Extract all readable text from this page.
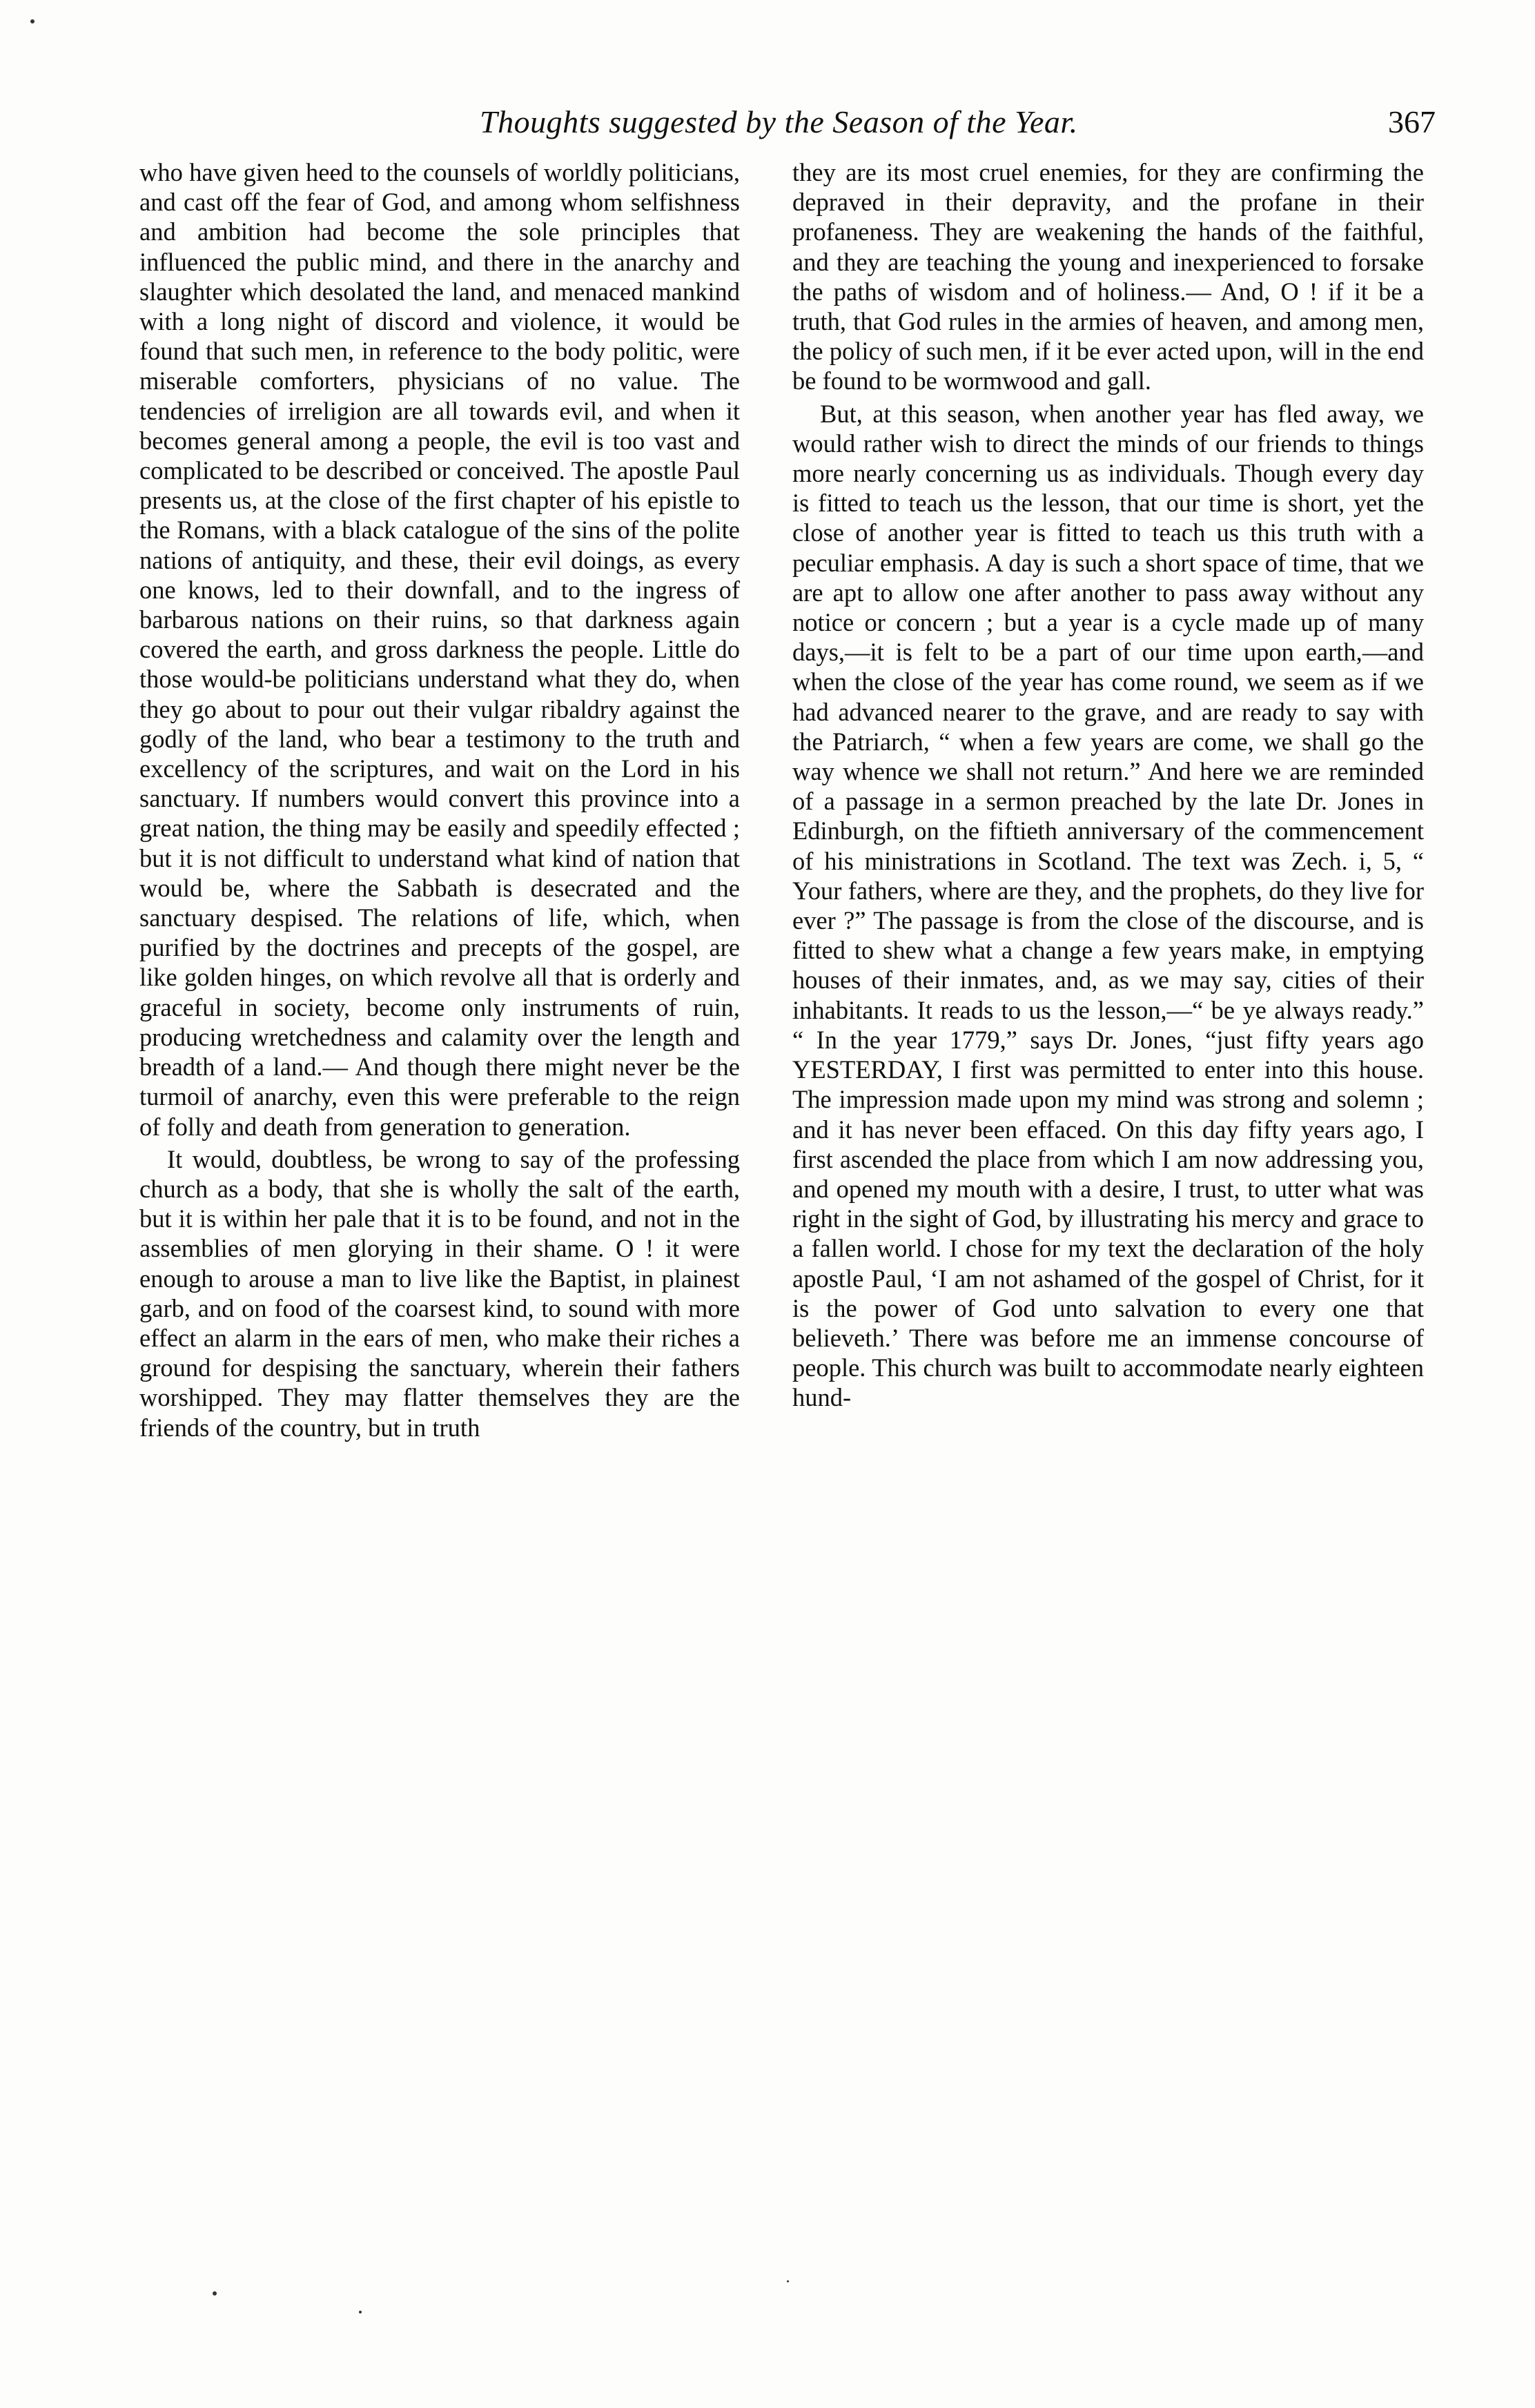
Thoughts suggested by the Season of the Year.	367

who have given heed to the counsels of worldly politicians, and cast off the fear of God, and among whom selfishness and ambition had become the sole principles that influenced the public mind, and there in the anarchy and slaughter which desolated the land, and menaced mankind with a long night of discord and violence, it would be found that such men, in reference to the body politic, were miserable comforters, physicians of no value. The tendencies of irreligion are all towards evil, and when it becomes general among a people, the evil is too vast and complicated to be described or conceived. The apostle Paul presents us, at the close of the first chapter of his epistle to the Romans, with a black catalogue of the sins of the polite nations of antiquity, and these, their evil doings, as every one knows, led to their downfall, and to the ingress of barbarous nations on their ruins, so that darkness again covered the earth, and gross darkness the people. Little do those would-be politicians understand what they do, when they go about to pour out their vulgar ribaldry against the godly of the land, who bear a testimony to the truth and excellency of the scriptures, and wait on the Lord in his sanctuary. If numbers would convert this province into a great nation, the thing may be easily and speedily effected ; but it is not difficult to understand what kind of nation that would be, where the Sabbath is desecrated and the sanctuary despised. The relations of life, which, when purified by the doctrines and precepts of the gospel, are like golden hinges, on which revolve all that is orderly and graceful in society, become only instruments of ruin, producing wretchedness and calamity over the length and breadth of a land.— And though there might never be the turmoil of anarchy, even this were preferable to the reign of folly and death from generation to generation.

It would, doubtless, be wrong to say of the professing church as a body, that she is wholly the salt of the earth, but it is within her pale that it is to be found, and not in the assemblies of men glorying in their shame. O ! it were enough to arouse a man to live like the Baptist, in plainest garb, and on food of the coarsest kind, to sound with more effect an alarm in the ears of men, who make their riches a ground for despising the sanctuary, wherein their fathers worshipped. They may flatter themselves they are the friends of the country, but in truth

they are its most cruel enemies, for they are confirming the depraved in their depravity, and the profane in their profaneness. They are weakening the hands of the faithful, and they are teaching the young and inexperienced to forsake the paths of wisdom and of holiness.— And, O ! if it be a truth, that God rules in the armies of heaven, and among men, the policy of such men, if it be ever acted upon, will in the end be found to be wormwood and gall.

But, at this season, when another year has fled away, we would rather wish to direct the minds of our friends to things more nearly concerning us as individuals. Though every day is fitted to teach us the lesson, that our time is short, yet the close of another year is fitted to teach us this truth with a peculiar emphasis. A day is such a short space of time, that we are apt to allow one after another to pass away without any notice or concern ; but a year is a cycle made up of many days,—it is felt to be a part of our time upon earth,—and when the close of the year has come round, we seem as if we had advanced nearer to the grave, and are ready to say with the Patriarch, “ when a few years are come, we shall go the way whence we shall not return.” And here we are reminded of a passage in a sermon preached by the late Dr. Jones in Edinburgh, on the fiftieth anniversary of the commencement of his ministrations in Scotland. The text was Zech. i, 5, “ Your fathers, where are they, and the prophets, do they live for ever ?” The passage is from the close of the discourse, and is fitted to shew what a change a few years make, in emptying houses of their inmates, and, as we may say, cities of their inhabitants. It reads to us the lesson,—“ be ye always ready.” “ In the year 1779,” says Dr. Jones, “just fifty years ago YESTERDAY, I first was permitted to enter into this house. The impression made upon my mind was strong and solemn ; and it has never been effaced. On this day fifty years ago, I first ascended the place from which I am now addressing you, and opened my mouth with a desire, I trust, to utter what was right in the sight of God, by illustrating his mercy and grace to a fallen world. I chose for my text the declaration of the holy apostle Paul, ‘I am not ashamed of the gospel of Christ, for it is the power of God unto salvation to every one that believeth.’ There was before me an immense concourse of people. This church was built to accommodate nearly eighteen hund-
